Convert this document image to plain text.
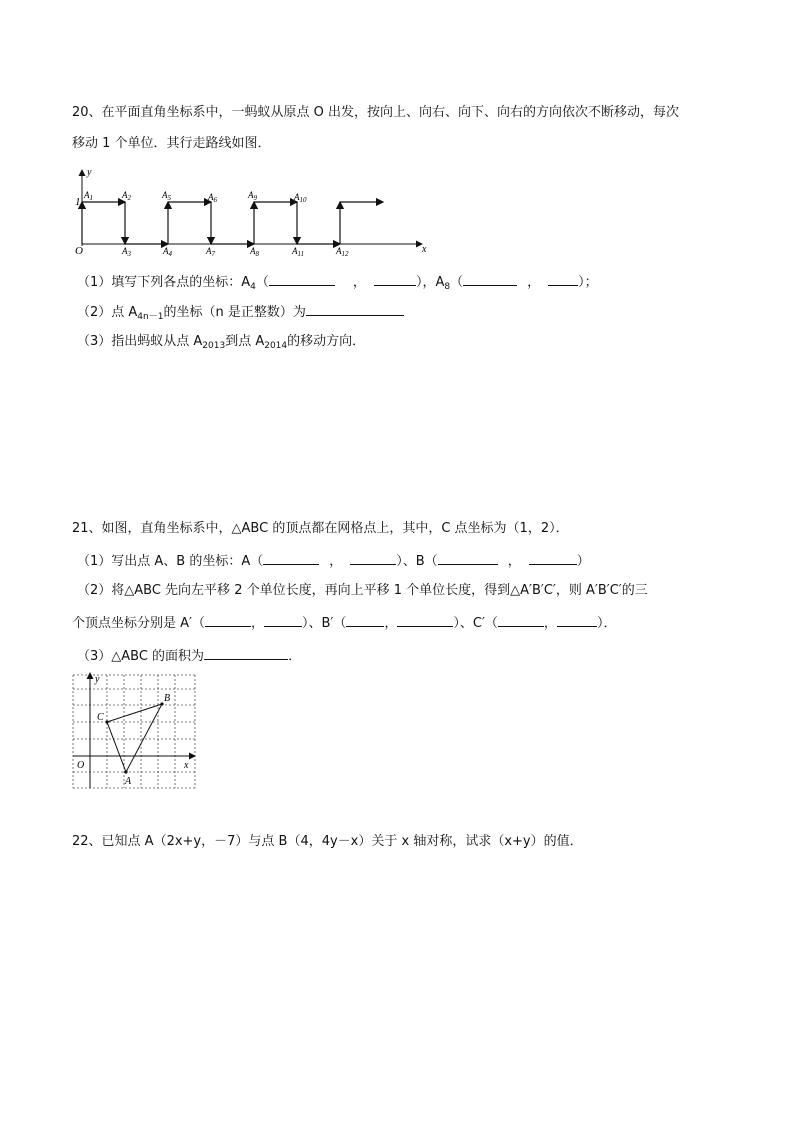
20、在平面直角坐标系中，一蚂蚁从原点 O 出发，按向上、向右、向下、向右的方向依次不断移动，每次
移动 1 个单位．其行走路线如图．
y
x
O
1
$A_1$	$A_2$
$A_3$	$A_4$
$A_5$	$A_6$
$A_7$	$A_8$
$A_9$	$A_{10}$
$A_{11}$	$A_{12}$
（1）填写下列各点的坐标：$A_4$（	，	），$A_8$（	，	）；
（2）点 $A_{4n-1}$的坐标（n 是正整数）为
（3）指出蚂蚁从点 $A_{2013}$到点 $A_{2014}$的移动方向．
21、如图，直角坐标系中，△ABC 的顶点都在网格点上，其中，C 点坐标为（1，2）．
（1）写出点 A、B 的坐标：A（	，	）、B（	，	）
（2）将△ABC 先向左平移 2 个单位长度，再向上平移 1 个单位长度，得到△A′B′C′，则 A′B′C′的三
个顶点坐标分别是 A′（	，	）、B′（	，	）、C′（	，	）．
（3）△ABC 的面积为	．
y
x
O
C
B
A
22、已知点 A（2x+y，－7）与点 B（4，4y－x）关于 x 轴对称，试求（x+y）的值．
